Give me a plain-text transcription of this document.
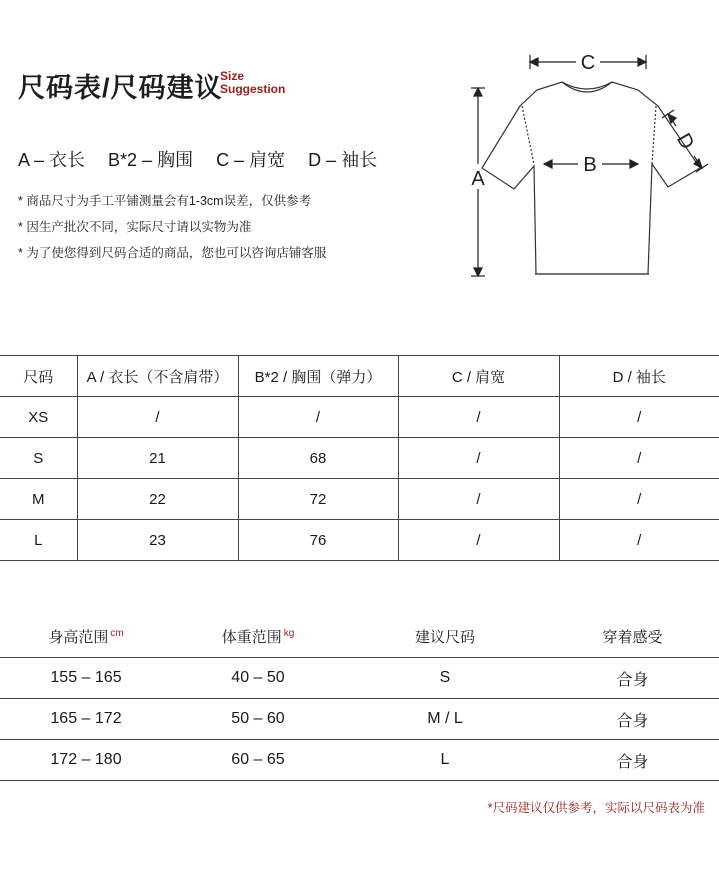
尺码表/尺码建议
Size
Suggestion
A – 衣长 B*2 – 胸围 C – 肩宽 D – 袖长
* 商品尺寸为手工平铺测量会有1-3cm误差，仅供参考
* 因生产批次不同，实际尺寸请以实物为准
* 为了使您得到尺码合适的商品，您也可以咨询店铺客服
C
A
B
D
尺码	A / 衣长（不含肩带）	B*2 / 胸围（弹力）	C / 肩宽	D / 袖长
XS	/	/	/	/
S	21	68	/	/
M	22	72	/	/
L	23	76	/	/
身高范围 $^{cm}$	体重范围 $^{kg}$	建议尺码	穿着感受
155 – 165	40 – 50	S	合身
165 – 172	50 – 60	M / L	合身
172 – 180	60 – 65	L	合身
*尺码建议仅供参考，实际以尺码表为准
